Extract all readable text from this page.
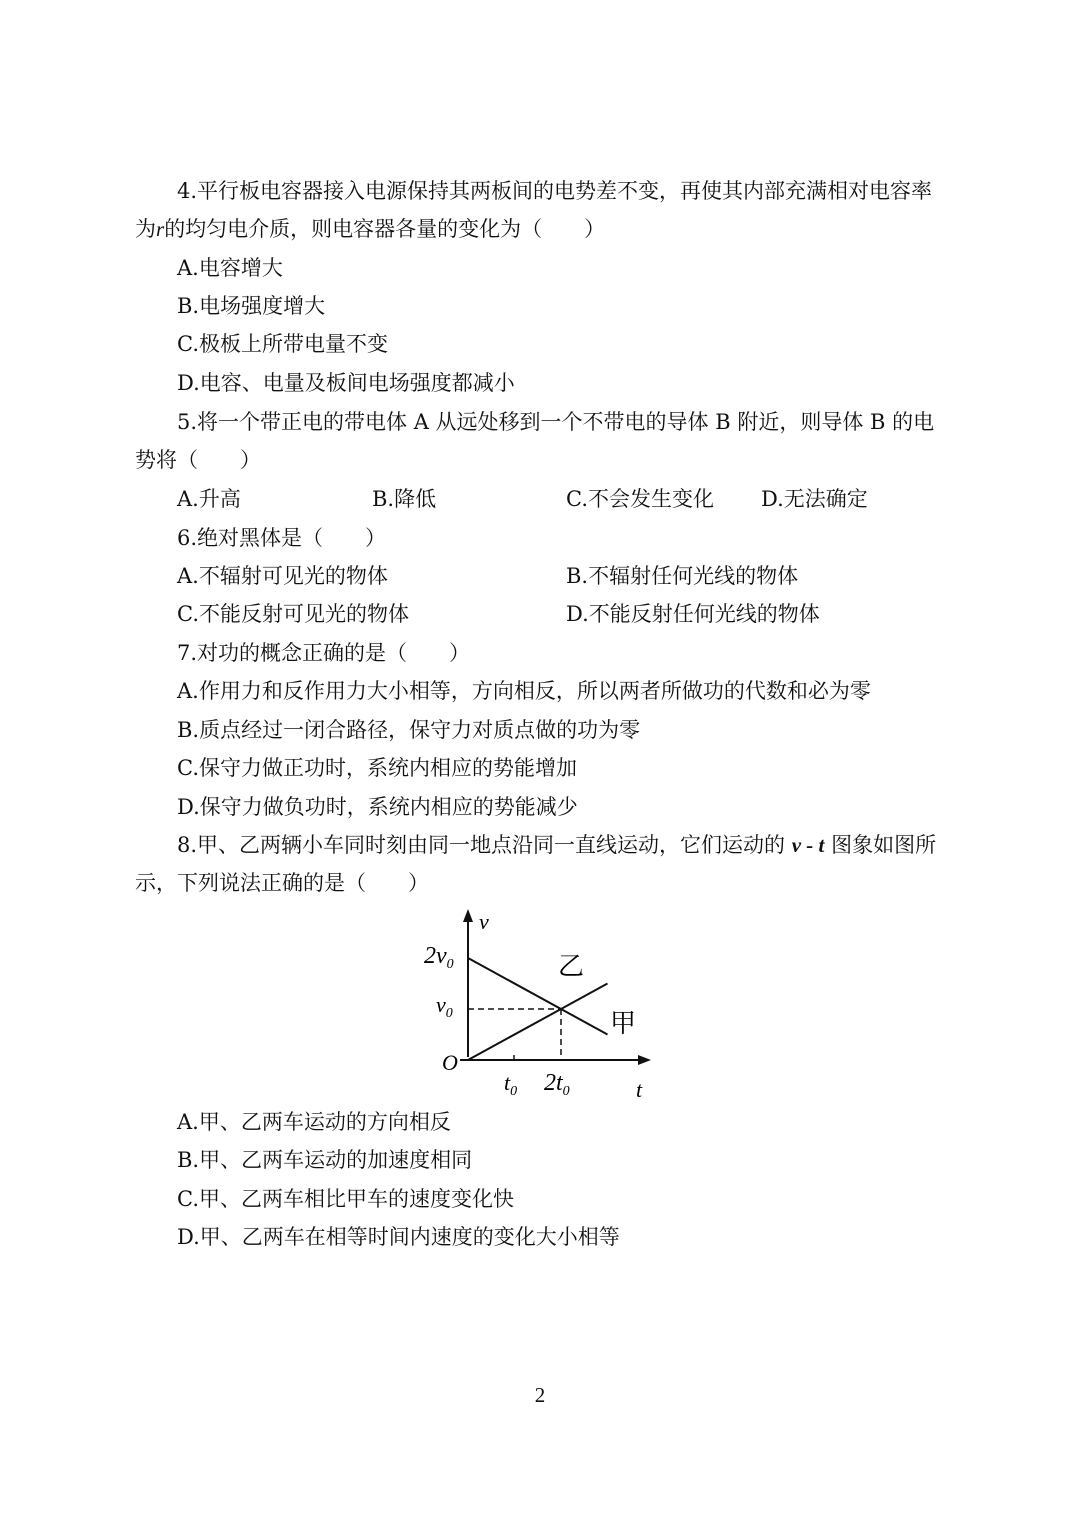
4.平行板电容器接入电源保持其两板间的电势差不变，再使其内部充满相对电容率
为r的均匀电介质，则电容器各量的变化为（　　）
A.电容增大
B.电场强度增大
C.极板上所带电量不变
D.电容、电量及板间电场强度都减小
5.将一个带正电的带电体 A 从远处移到一个不带电的导体 B 附近，则导体 B 的电
势将（　　）
A.升高	B.降低	C.不会发生变化 D.无法确定
6.绝对黑体是（　　）
A.不辐射可见光的物体	B.不辐射任何光线的物体
C.不能反射可见光的物体	D.不能反射任何光线的物体
7.对功的概念正确的是（　　）
A.作用力和反作用力大小相等，方向相反，所以两者所做功的代数和必为零
B.质点经过一闭合路径，保守力对质点做的功为零
C.保守力做正功时，系统内相应的势能增加
D.保守力做负功时，系统内相应的势能减少
8.甲、乙两辆小车同时刻由同一地点沿同一直线运动，它们运动的 v - t 图象如图所
示，下列说法正确的是（　　）
v
t
O
$2v_0$
$v_0$
$t_0$ $2t_0$
乙
甲
A.甲、乙两车运动的方向相反
B.甲、乙两车运动的加速度相同
C.甲、乙两车相比甲车的速度变化快
D.甲、乙两车在相等时间内速度的变化大小相等
2
